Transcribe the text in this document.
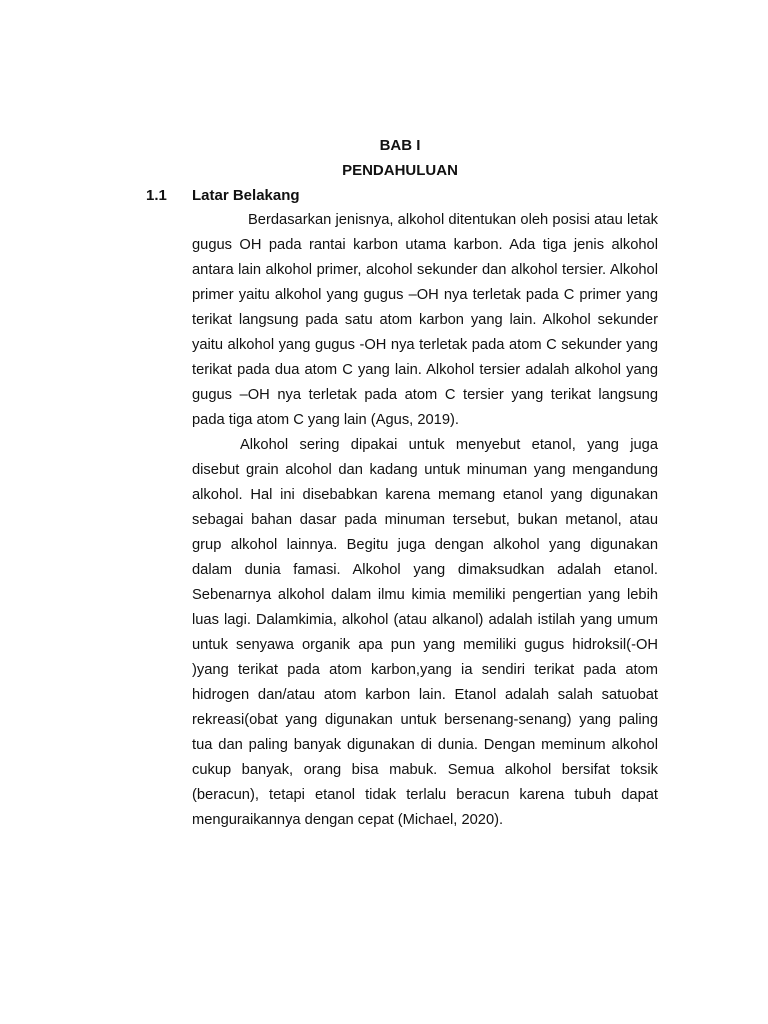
BAB I
PENDAHULUAN
1.1	Latar Belakang

Berdasarkan jenisnya, alkohol ditentukan oleh posisi atau letak gugus OH pada rantai karbon utama karbon. Ada tiga jenis alkohol antara lain alkohol primer, alcohol sekunder dan alkohol tersier. Alkohol primer yaitu alkohol yang gugus –OH nya terletak pada C primer yang terikat langsung pada satu atom karbon yang lain. Alkohol sekunder yaitu alkohol yang gugus -OH nya terletak pada atom C sekunder yang terikat pada dua atom C yang lain. Alkohol tersier adalah alkohol yang gugus –OH nya terletak pada atom C tersier yang terikat langsung pada tiga atom C yang lain (Agus, 2019).

Alkohol sering dipakai untuk menyebut etanol, yang juga disebut grain alcohol dan kadang untuk minuman yang mengandung alkohol. Hal ini disebabkan karena memang etanol yang digunakan sebagai bahan dasar pada minuman tersebut, bukan metanol, atau grup alkohol lainnya. Begitu juga dengan alkohol yang digunakan dalam dunia famasi. Alkohol yang dimaksudkan adalah etanol. Sebenarnya alkohol dalam ilmu kimia memiliki pengertian yang lebih luas lagi. Dalamkimia, alkohol (atau alkanol) adalah istilah yang umum untuk senyawa organik apa pun yang memiliki gugus hidroksil(-OH )yang terikat pada atom karbon,yang ia sendiri terikat pada atom hidrogen dan/atau atom karbon lain. Etanol adalah salah satuobat rekreasi(obat yang digunakan untuk bersenang-senang) yang paling tua dan paling banyak digunakan di dunia. Dengan meminum alkohol cukup banyak, orang bisa mabuk. Semua alkohol bersifat toksik (beracun), tetapi etanol tidak terlalu beracun karena tubuh dapat menguraikannya dengan cepat (Michael, 2020).
